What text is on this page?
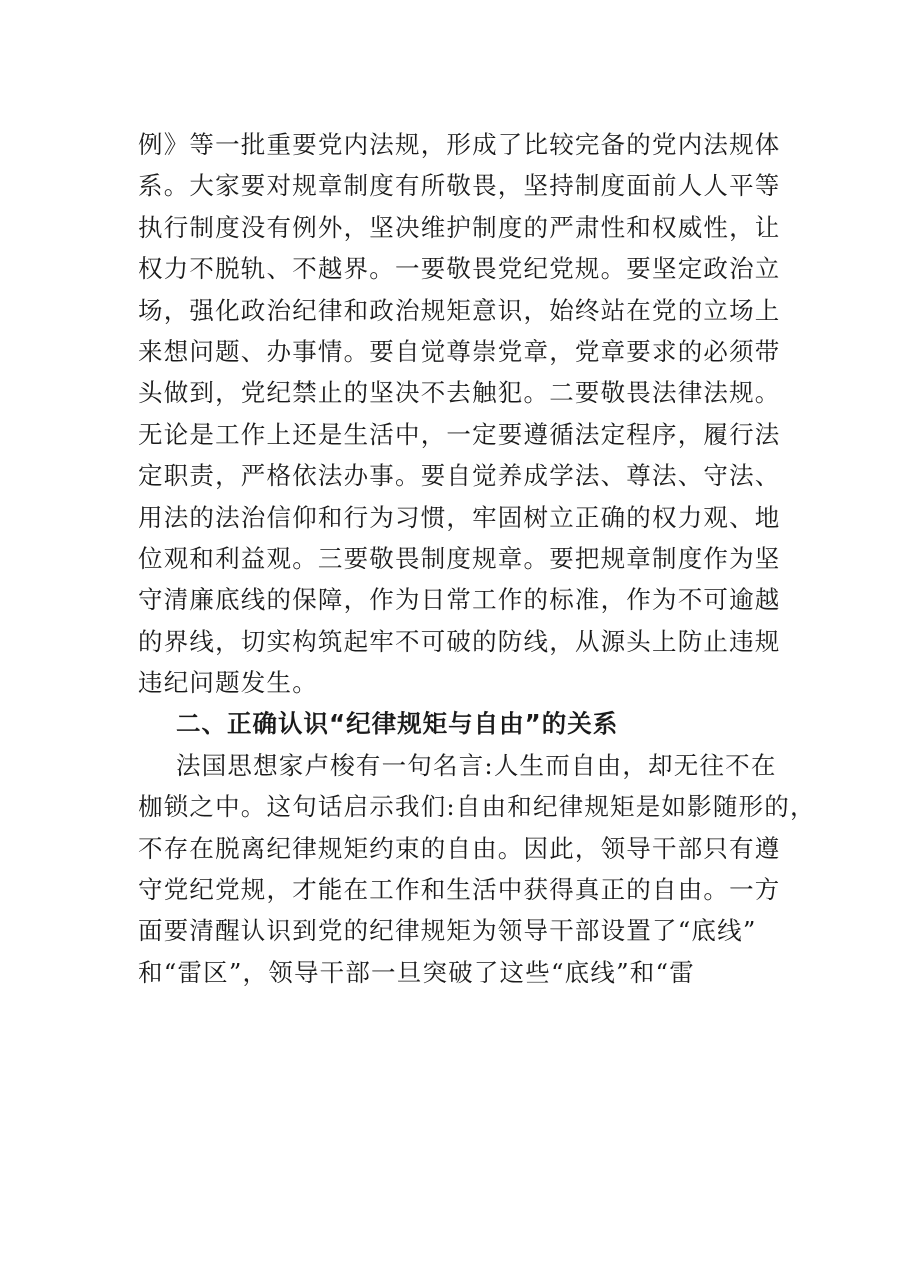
例》等一批重要党内法规，形成了比较完备的党内法规体
系。大家要对规章制度有所敬畏，坚持制度面前人人平等
执行制度没有例外，坚决维护制度的严肃性和权威性，让
权力不脱轨、不越界。一要敬畏党纪党规。要坚定政治立
场，强化政治纪律和政治规矩意识，始终站在党的立场上
来想问题、办事情。要自觉尊崇党章，党章要求的必须带
头做到，党纪禁止的坚决不去触犯。二要敬畏法律法规。
无论是工作上还是生活中，一定要遵循法定程序，履行法
定职责，严格依法办事。要自觉养成学法、尊法、守法、
用法的法治信仰和行为习惯，牢固树立正确的权力观、地
位观和利益观。三要敬畏制度规章。要把规章制度作为坚
守清廉底线的保障，作为日常工作的标准，作为不可逾越
的界线，切实构筑起牢不可破的防线，从源头上防止违规
违纪问题发生。
二、正确认识“纪律规矩与自由”的关系
法国思想家卢梭有一句名言:人生而自由，却无往不在
枷锁之中。这句话启示我们:自由和纪律规矩是如影随形的，
不存在脱离纪律规矩约束的自由。因此，领导干部只有遵
守党纪党规，才能在工作和生活中获得真正的自由。一方
面要清醒认识到党的纪律规矩为领导干部设置了“底线”
和“雷区”，领导干部一旦突破了这些“底线”和“雷
